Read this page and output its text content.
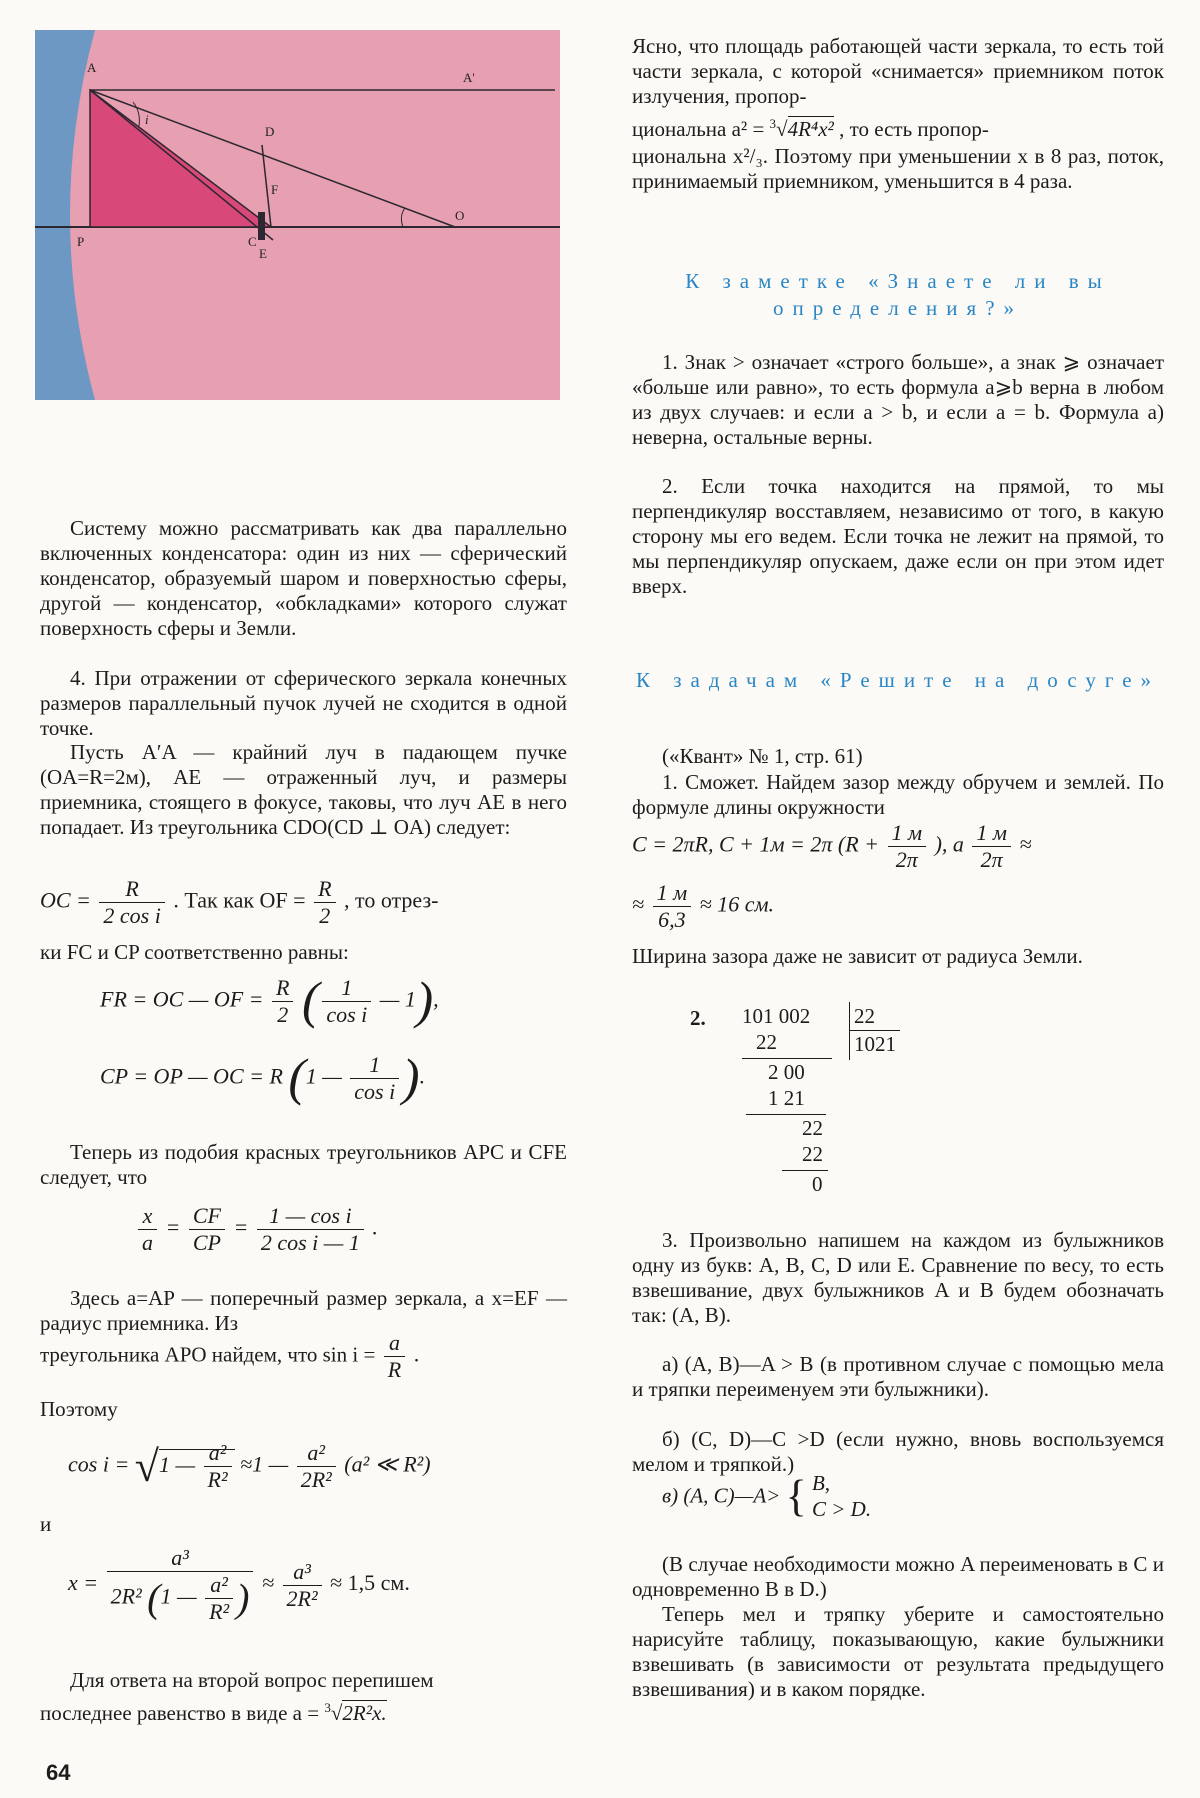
A
A'
D
F
C
E
P
O
i

Систему можно рассматривать как два параллельно включенных конденсатора: один из них — сферический конденсатор, образуемый шаром и поверхностью сферы, другой — конденсатор, «обкладками» которого служат поверхность сферы и Земли.

4. При отражении от сферического зеркала конечных размеров параллельный пучок лучей не сходится в одной точке.

Пусть A′A — крайний луч в падающем пучке (OA=R=2м), AE — отраженный луч, и размеры приемника, стоящего в фокусе, таковы, что луч AE в него попадает. Из треугольника CDO(CD ⊥ OA) следует:

OC = $\frac{R}{\text{2 cos i}}$ . Так как OF = $\frac{R}{2}$ , то отрез-

ки FC и CP соответственно равны:

FR = OC — OF = $\frac{R}{2}$ ( $\frac{1}{\text{cos i}}$ — 1),
CP = OP — OC = R (1 — $\frac{1}{\text{cos i}}$ ).

Теперь из подобия красных треугольников APC и CFE следует, что

$\frac{x}{a} = \frac{CF}{CP} = \frac{\text{1 — cos i}}{\text{2 cos i — 1}}$ .

Здесь a=AP — поперечный размер зеркала, а x=EF — радиус приемника. Из

треугольника APO найдем, что $\sin i = \frac{a}{R}$ .

Поэтому

cos i = √1 — $\frac{\text{a²}}{\text{R²}} \approx 1$ — $\frac{\text{a²}}{\text{2R²}} (a^2$ ≪ R²)

и

$x = \frac{\text{a³}}{2R^2 (1 — \frac{\text{a²}}{\text{R²}} )} \approx \frac{\text{a³}}{\text{2R²}} \approx 1,5$ см.

Для ответа на второй вопрос перепишем

последнее равенство в виде a = $^3$√2R²x.
64

Ясно, что площадь работающей части зеркала, то есть той части зеркала, с которой «снимается» приемником поток излучения, пропор-

циональна a² = $^3$√4R⁴x² , то есть пропор-

циональна x²/₃. Поэтому при уменьшении x в 8 раз, поток, принимаемый приемником, уменьшится в 4 раза.

К заметке «Знаете ли вы определения?»

1. Знак > означает «строго больше», а знак ⩾ означает «больше или равно», то есть формула a⩾b верна в любом из двух случаев: и если a > b, и если a = b. Формула а) неверна, остальные верны.

2. Если точка находится на прямой, то мы перпендикуляр восставляем, независимо от того, в какую сторону мы его ведем. Если точка не лежит на прямой, то мы перпендикуляр опускаем, даже если он при этом идет вверх.

К задачам «Решите на досуге»

(«Квант» № 1, стр. 61)

1. Сможет. Найдем зазор между обручем и землей. По формуле длины окружности

C = 2πR, C + 1м = 2π ($R + \frac{1 м}{2\pi}$ ), а $\frac{1 м}{2\pi}$ ≈
≈ $\frac{1 м}{6,3} \approx 16$ см.

Ширина зазора даже не зависит от радиуса Земли.

2.

3. Произвольно напишем на каждом из булыжников одну из букв: A, B, C, D или E. Сравнение по весу, то есть взвешивание, двух булыжников A и B будем обозначать так: (A, B).

а) (A, B)—A > B (в противном случае с помощью мела и тряпки переименуем эти булыжники).

б) (C, D)—C >D (если нужно, вновь воспользуемся мелом и тряпкой.)

в) (A, C)—A> { B,
C > D.

(В случае необходимости можно A переименовать в C и одновременно B в D.)

Теперь мел и тряпку уберите и самостоятельно нарисуйте таблицу, показывающую, какие булыжники взвешивать (в зависимости от результата предыдущего взвешивания) и в каком порядке.

101 002 22
1021
22
2 00
1 21
22
22
0
